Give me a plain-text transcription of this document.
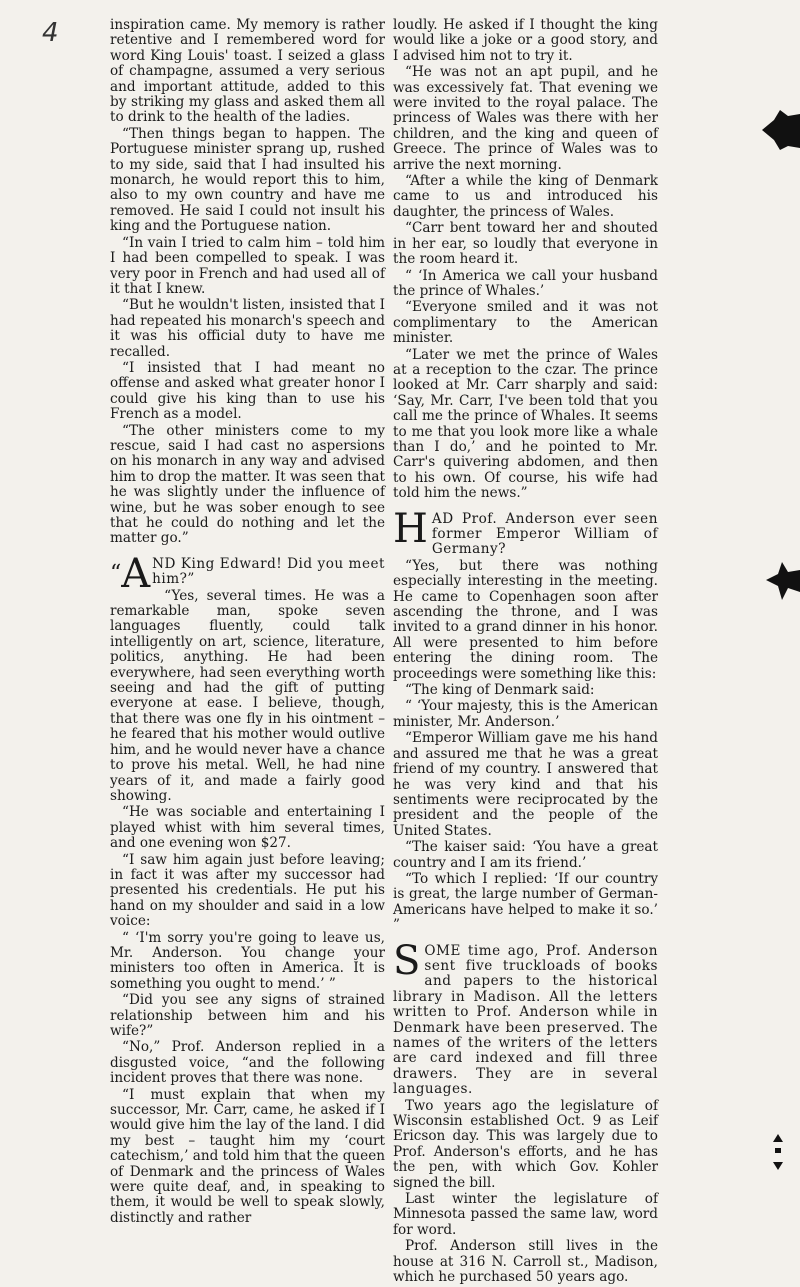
4	inspiration came. My memory is rather retentive and I remembered word for word King Louis' toast. I seized a glass of champagne, assumed a very serious and important attitude, added to this by striking my glass and asked them all to drink to the health of the ladies.

“Then things began to happen. The Portuguese minister sprang up, rushed to my side, said that I had insulted his monarch, he would report this to him, also to my own country and have me removed. He said I could not insult his king and the Portuguese nation.

“In vain I tried to calm him – told him I had been compelled to speak. I was very poor in French and had used all of it that I knew.

“But he wouldn't listen, insisted that I had repeated his monarch's speech and it was his official duty to have me recalled.

“I insisted that I had meant no offense and asked what greater honor I could give his king than to use his French as a model.

“The other ministers come to my rescue, said I had cast no aspersions on his monarch in any way and advised him to drop the matter. It was seen that he was slightly under the influence of wine, but he was sober enough to see that he could do nothing and let the matter go.”

“A ND King Edward! Did you meet him?”

“Yes, several times. He was a remarkable man, spoke seven languages fluently, could talk intelligently on art, science, literature, politics, anything. He had been everywhere, had seen everything worth seeing and had the gift of putting everyone at ease. I believe, though, that there was one fly in his ointment – he feared that his mother would outlive him, and he would never have a chance to prove his metal. Well, he had nine years of it, and made a fairly good showing.

“He was sociable and entertaining I played whist with him several times, and one evening won $27.

“I saw him again just before leaving; in fact it was after my successor had presented his credentials. He put his hand on my shoulder and said in a low voice:

“ ‘I'm sorry you're going to leave us, Mr. Anderson. You change your ministers too often in America. It is something you ought to mend.’ ”

“Did you see any signs of strained relationship between him and his wife?”

“No,” Prof. Anderson replied in a disgusted voice, “and the following incident proves that there was none.

“I must explain that when my successor, Mr. Carr, came, he asked if I would give him the lay of the land. I did my best – taught him my ‘court catechism,’ and told him that the queen of Denmark and the princess of Wales were quite deaf, and, in speaking to them, it would be well to speak slowly, distinctly and rather

loudly. He asked if I thought the king would like a joke or a good story, and I advised him not to try it.

“He was not an apt pupil, and he was excessively fat. That evening we were invited to the royal palace. The princess of Wales was there with her children, and the king and queen of Greece. The prince of Wales was to arrive the next morning.

“After a while the king of Denmark came to us and introduced his daughter, the princess of Wales.

“Carr bent toward her and shouted in her ear, so loudly that everyone in the room heard it.

“ ‘In America we call your husband the prince of Whales.’

“Everyone smiled and it was not complimentary to the American minister.

“Later we met the prince of Wales at a reception to the czar. The prince looked at Mr. Carr sharply and said: ‘Say, Mr. Carr, I've been told that you call me the prince of Whales. It seems to me that you look more like a whale than I do,’ and he pointed to Mr. Carr's quivering abdomen, and then to his own. Of course, his wife had told him the news.”

HAD Prof. Anderson ever seen former Emperor William of Germany?

“Yes, but there was nothing especially interesting in the meeting. He came to Copenhagen soon after ascending the throne, and I was invited to a grand dinner in his honor. All were presented to him before entering the dining room. The proceedings were something like this:

“The king of Denmark said:

“ ‘Your majesty, this is the American minister, Mr. Anderson.’

“Emperor William gave me his hand and assured me that he was a great friend of my country. I answered that he was very kind and that his sentiments were reciprocated by the president and the people of the United States.

“The kaiser said: ‘You have a great country and I am its friend.’

“To which I replied: ‘If our country is great, the large number of German-Americans have helped to make it so.’ ”

SOME time ago, Prof. Anderson sent five truckloads of books and papers to the historical library in Madison. All the letters written to Prof. Anderson while in Denmark have been preserved. The names of the writers of the letters are card indexed and fill three drawers. They are in several languages.

Two years ago the legislature of Wisconsin established Oct. 9 as Leif Ericson day. This was largely due to Prof. Anderson's efforts, and he has the pen, with which Gov. Kohler signed the bill.

Last winter the legislature of Minnesota passed the same law, word for word.

Prof. Anderson still lives in the house at 316 N. Carroll st., Madison, which he purchased 50 years ago.
